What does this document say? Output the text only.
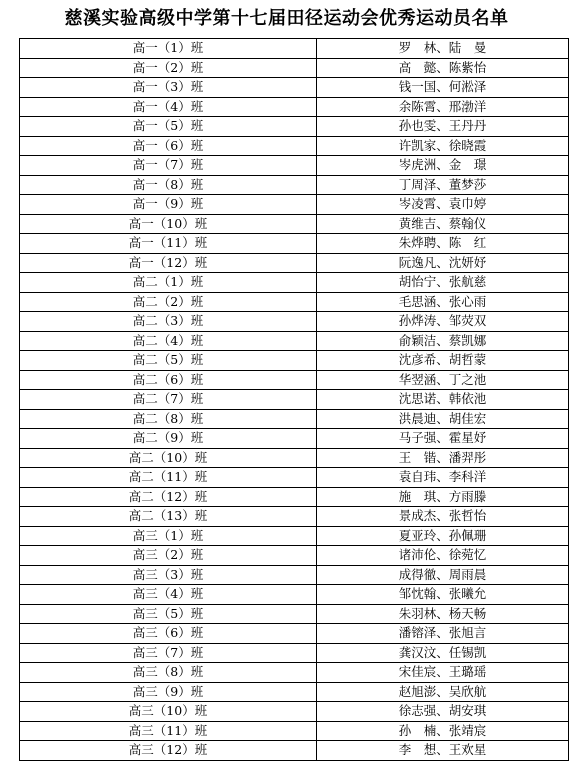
慈溪实验高级中学第十七届田径运动会优秀运动员名单
高一（1）班	罗　林、陆　曼
高一（2）班	高　懿、陈紫怡
高一（3）班	钱一国、何淞泽
高一（4）班	余陈霄、邢渤洋
高一（5）班	孙也雯、王丹丹
高一（6）班	许凯家、徐晓霞
高一（7）班	岑虎洲、金　璟
高一（8）班	丁周泽、董梦莎
高一（9）班	岑凌霄、袁巾婷
高一（10）班	黄维吉、蔡翰仪
高一（11）班	朱烨聘、陈　红
高一（12）班	阮逸凡、沈妍妤
高二（1）班	胡怡宁、张航慈
高二（2）班	毛思涵、张心雨
高二（3）班	孙烨涛、邹荧双
高二（4）班	俞颖洁、蔡凯娜
高二（5）班	沈彦希、胡哲蒙
高二（6）班	华翌涵、丁之池
高二（7）班	沈思诺、韩依池
高二（8）班	洪晨迪、胡佳宏
高二（9）班	马子强、霍星妤
高二（10）班	王　锴、潘羿彤
高二（11）班	袁自玮、李科洋
高二（12）班	施　琪、方雨滕
高二（13）班	景成杰、张哲怡
高三（1）班	夏亚玲、孙佩珊
高三（2）班	诸沛伦、徐菀忆
高三（3）班	成得徹、周雨晨
高三（4）班	邹忱翰、张曦允
高三（5）班	朱羽林、杨天畅
高三（6）班	潘镕泽、张旭言
高三（7）班	龚汉汶、任锡凯
高三（8）班	宋佳宸、王璐瑶
高三（9）班	赵旭澎、吴欣航
高三（10）班	徐志强、胡安琪
高三（11）班	孙　楠、张靖宸
高三（12）班	李　想、王欢星
